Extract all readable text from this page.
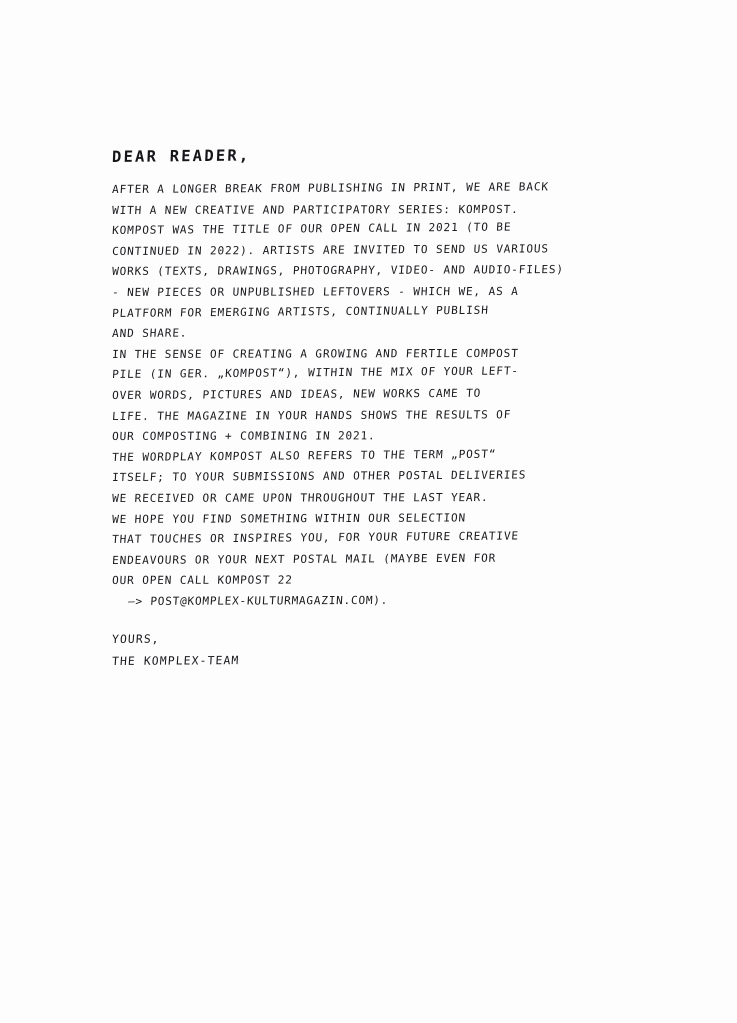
DEAR READER,

AFTER A LONGER BREAK FROM PUBLISHING IN PRINT, WE ARE BACK

WITH A NEW CREATIVE AND PARTICIPATORY SERIES: KOMPOST.

KOMPOST WAS THE TITLE OF OUR OPEN CALL IN 2021 (TO BE

CONTINUED IN 2022). ARTISTS ARE INVITED TO SEND US VARIOUS

WORKS (TEXTS, DRAWINGS, PHOTOGRAPHY, VIDEO- AND AUDIO-FILES)

- NEW PIECES OR UNPUBLISHED LEFTOVERS - WHICH WE, AS A

PLATFORM FOR EMERGING ARTISTS, CONTINUALLY PUBLISH

AND SHARE.

IN THE SENSE OF CREATING A GROWING AND FERTILE COMPOST

PILE (IN GER. „KOMPOST“), WITHIN THE MIX OF YOUR LEFT-

OVER WORDS, PICTURES AND IDEAS, NEW WORKS CAME TO

LIFE. THE MAGAZINE IN YOUR HANDS SHOWS THE RESULTS OF

OUR COMPOSTING + COMBINING IN 2021.

THE WORDPLAY KOMPOST ALSO REFERS TO THE TERM „POST“

ITSELF; TO YOUR SUBMISSIONS AND OTHER POSTAL DELIVERIES

WE RECEIVED OR CAME UPON THROUGHOUT THE LAST YEAR.

WE HOPE YOU FIND SOMETHING WITHIN OUR SELECTION

THAT TOUCHES OR INSPIRES YOU, FOR YOUR FUTURE CREATIVE

ENDEAVOURS OR YOUR NEXT POSTAL MAIL (MAYBE EVEN FOR

OUR OPEN CALL KOMPOST 22

—> POST@KOMPLEX-KULTURMAGAZIN.COM).

YOURS,

THE KOMPLEX-TEAM
